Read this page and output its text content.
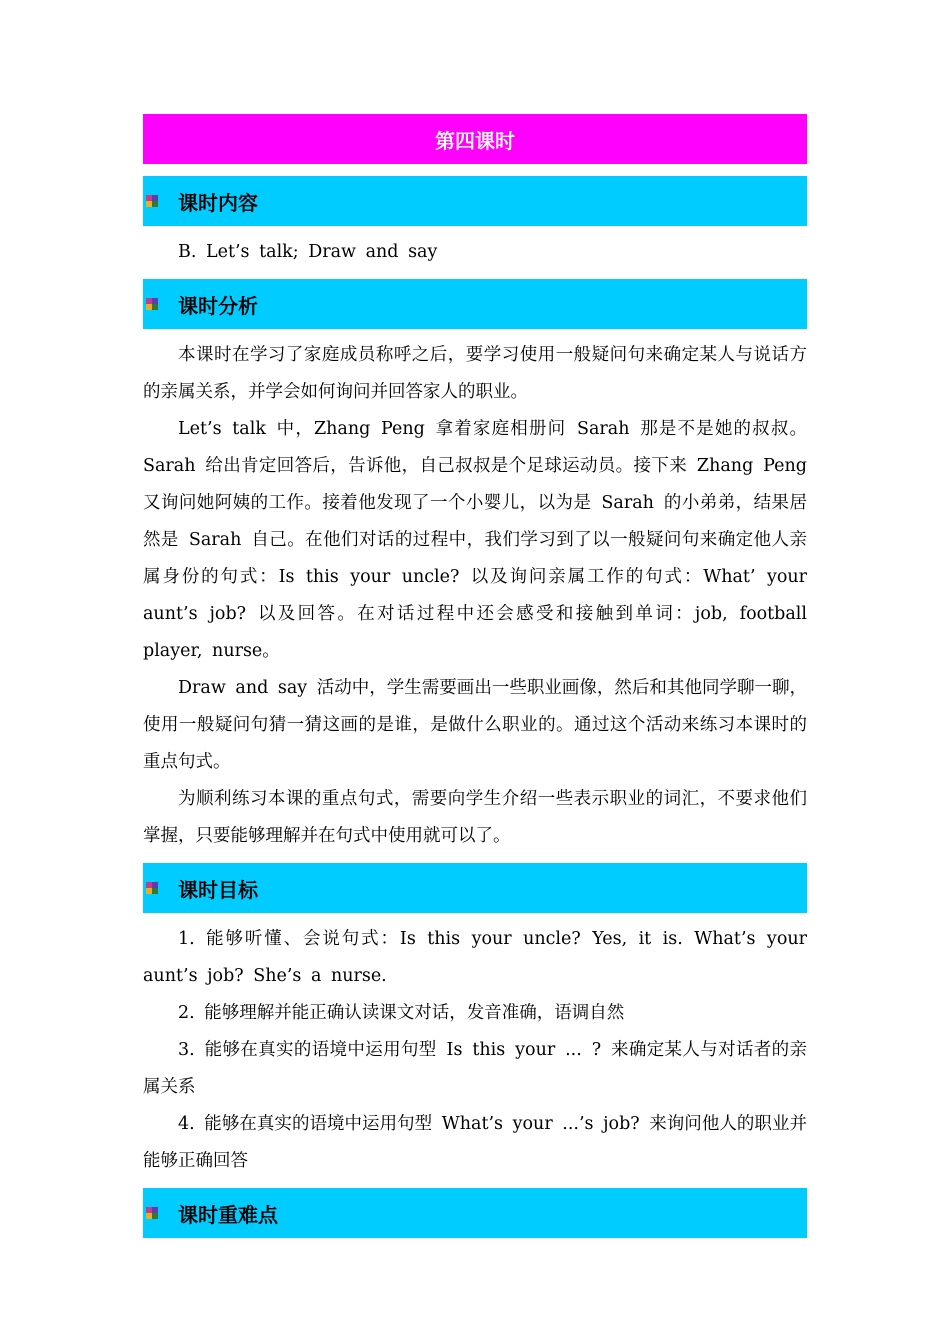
第四课时
课时内容

B. Let’s talk; Draw and say

课时分析

本课时在学习了家庭成员称呼之后，要学习使用一般疑问句来确定某人与说话方的亲属关系，并学会如何询问并回答家人的职业。

Let’s talk 中，Zhang Peng 拿着家庭相册问 Sarah 那是不是她的叔叔。Sarah 给出肯定回答后，告诉他，自己叔叔是个足球运动员。接下来 Zhang Peng 又询问她阿姨的工作。接着他发现了一个小婴儿，以为是 Sarah 的小弟弟，结果居然是 Sarah 自己。在他们对话的过程中，我们学习到了以一般疑问句来确定他人亲属身份的句式：Is this your uncle? 以及询问亲属工作的句式：What’ your aunt’s job? 以及回答。在对话过程中还会感受和接触到单词：job, football player, nurse。

Draw and say 活动中，学生需要画出一些职业画像，然后和其他同学聊一聊，使用一般疑问句猜一猜这画的是谁，是做什么职业的。通过这个活动来练习本课时的重点句式。

为顺利练习本课的重点句式，需要向学生介绍一些表示职业的词汇，不要求他们掌握，只要能够理解并在句式中使用就可以了。

课时目标

1. 能够听懂、会说句式：Is this your uncle? Yes, it is. What’s your aunt’s job? She’s a nurse.

2. 能够理解并能正确认读课文对话，发音准确，语调自然

3. 能够在真实的语境中运用句型 Is this your ... ? 来确定某人与对话者的亲属关系

4. 能够在真实的语境中运用句型 What’s your ...’s job? 来询问他人的职业并能够正确回答

课时重难点
